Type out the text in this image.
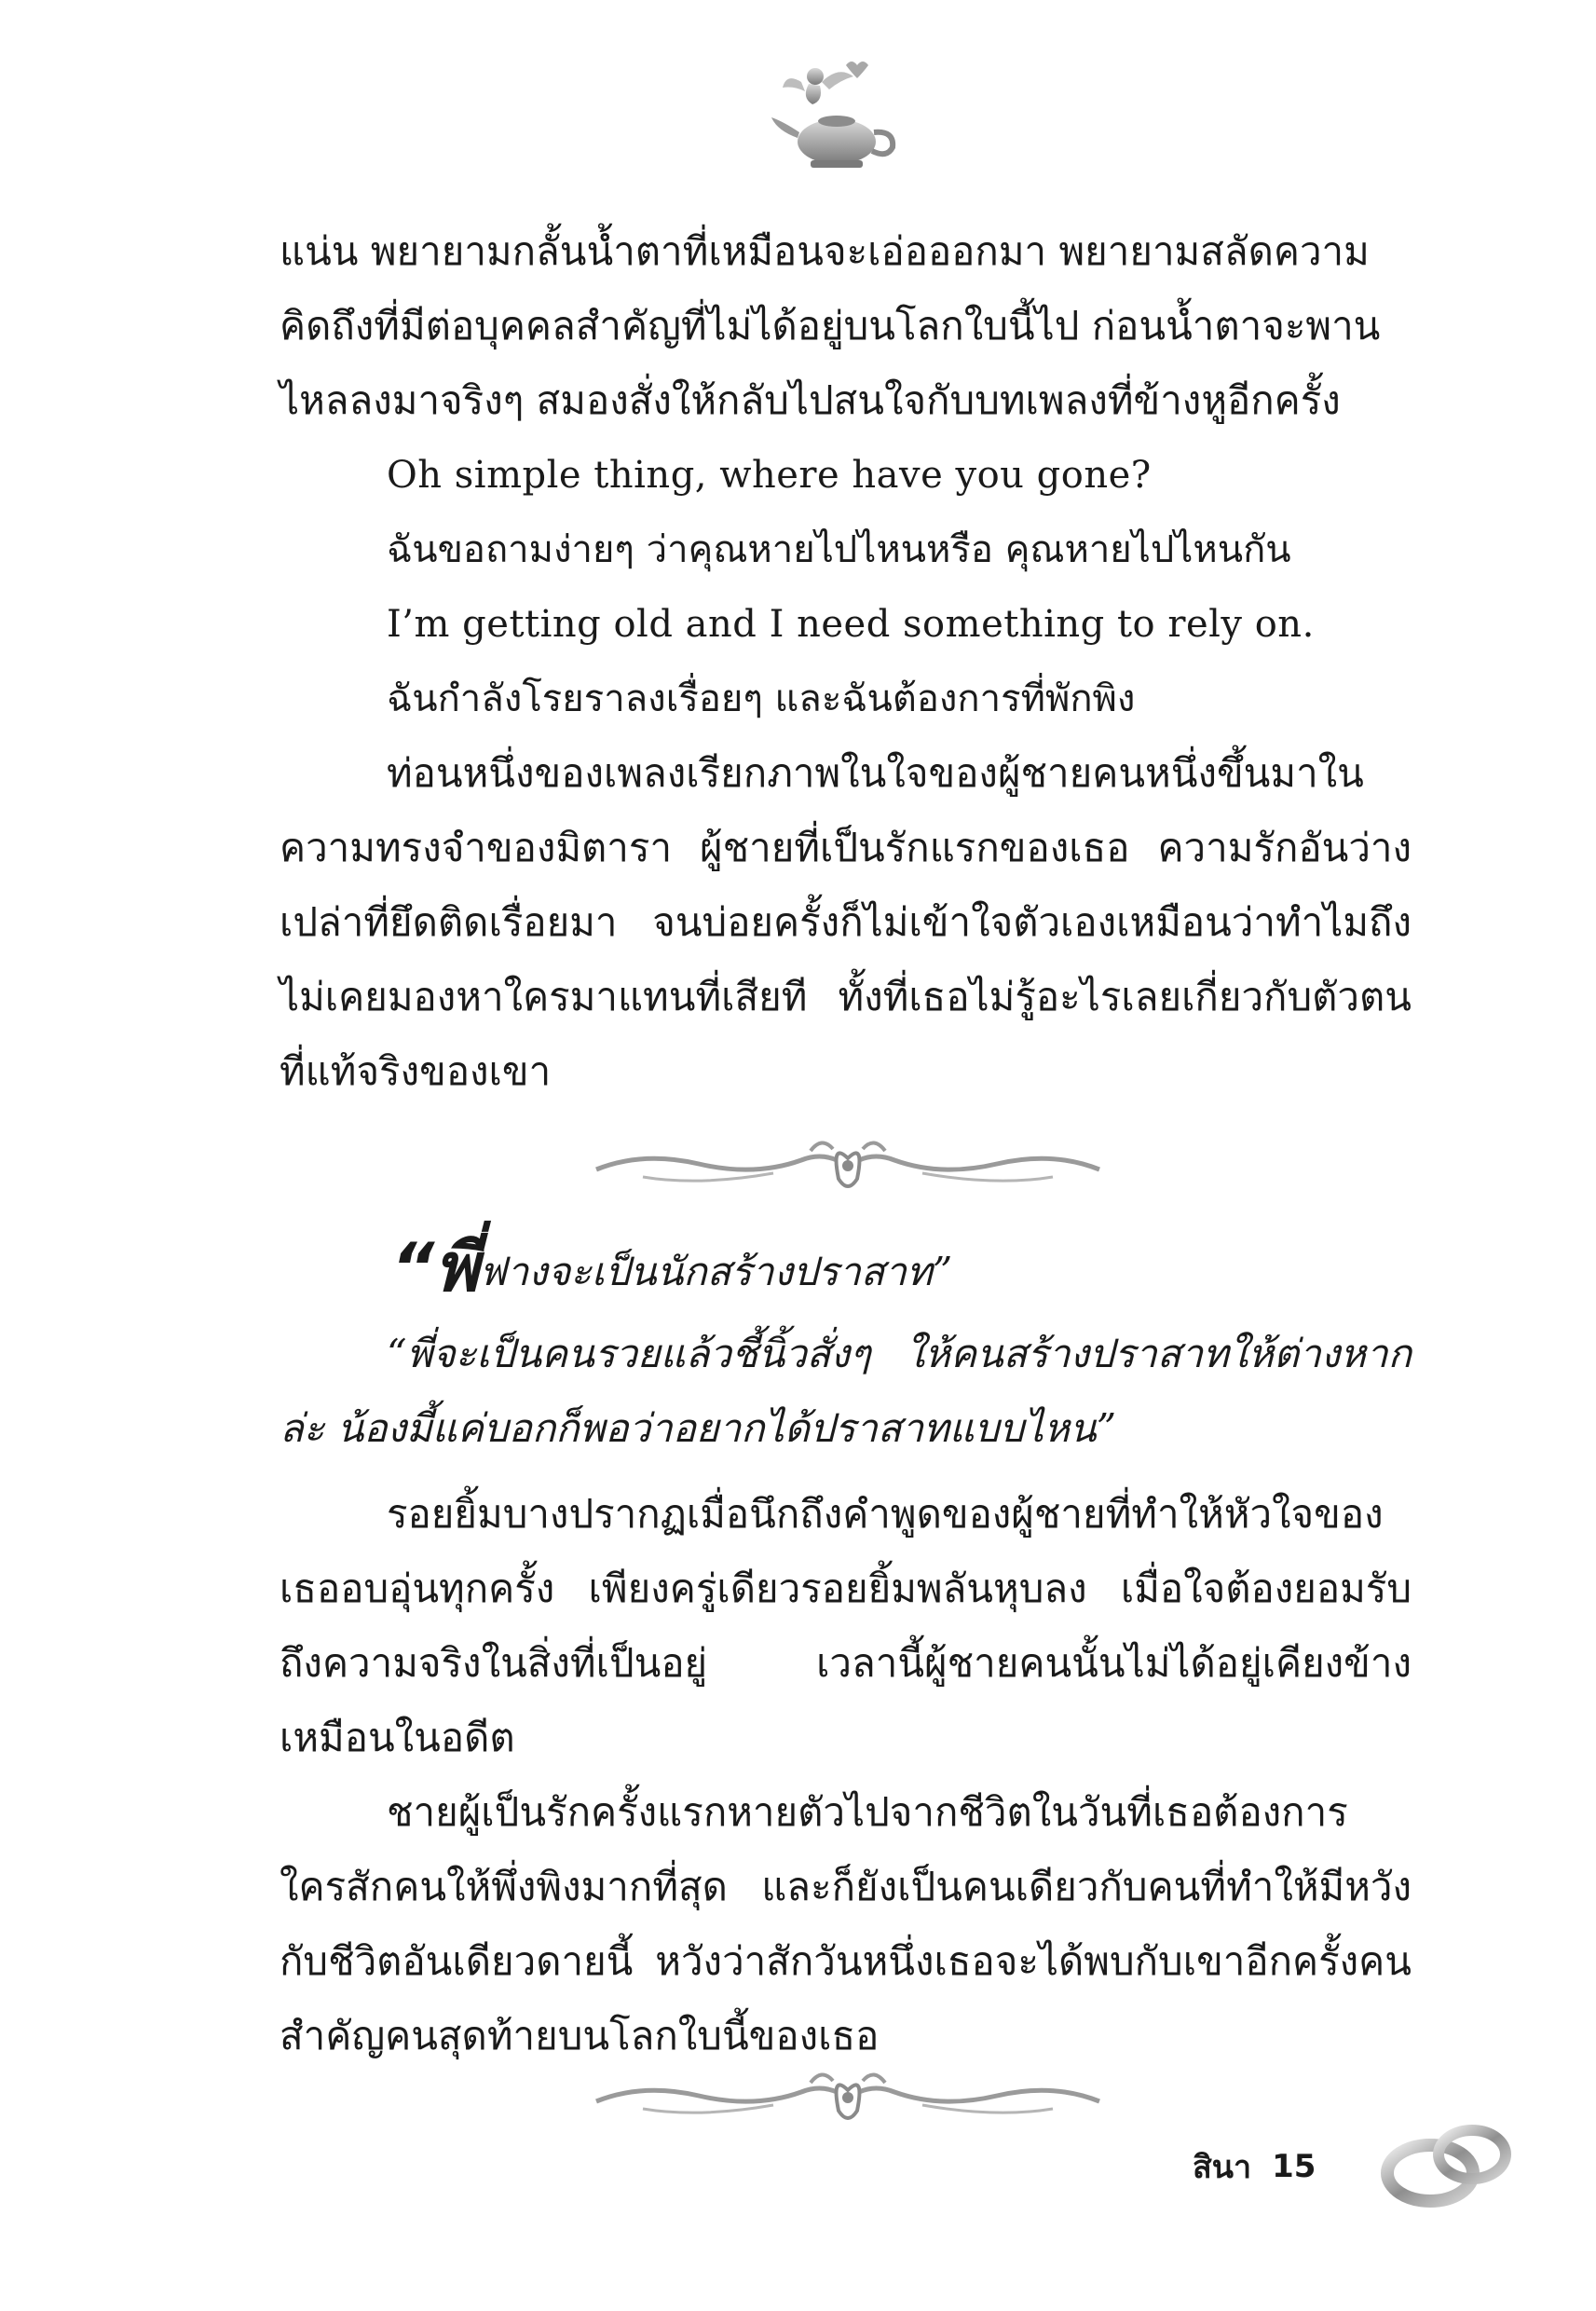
แน่น พยายามกลั้นน้ำตาที่เหมือนจะเอ่อออกมา พยายามสลัดความ

คิดถึงที่มีต่อบุคคลสำคัญที่ไม่ได้อยู่บนโลกใบนี้ไป ก่อนน้ำตาจะพาน

ไหลลงมาจริงๆ สมองสั่งให้กลับไปสนใจกับบทเพลงที่ข้างหูอีกครั้ง

Oh simple thing, where have you gone?

ฉันขอถามง่ายๆ ว่าคุณหายไปไหนหรือ คุณหายไปไหนกัน

I’m getting old and I need something to rely on.

ฉันกำลังโรยราลงเรื่อยๆ และฉันต้องการที่พักพิง

ท่อนหนึ่งของเพลงเรียกภาพในใจของผู้ชายคนหนึ่งขึ้นมาในความทรงจำของมิตารา ผู้ชายที่เป็นรักแรกของเธอ ความรักอันว่างเปล่าที่ยึดติดเรื่อยมา จนบ่อยครั้งก็ไม่เข้าใจตัวเองเหมือนว่าทำไมถึงไม่เคยมองหาใครมาแทนที่เสียที ทั้งที่เธอไม่รู้อะไรเลยเกี่ยวกับตัวตนที่แท้จริงของเขา

“พี่ฟางจะเป็นนักสร้างปราสาท”

“พี่จะเป็นคนรวยแล้วชี้นิ้วสั่งๆ ให้คนสร้างปราสาทให้ต่างหากล่ะ น้องมี้แค่บอกก็พอว่าอยากได้ปราสาทแบบไหน”

รอยยิ้มบางปรากฏเมื่อนึกถึงคำพูดของผู้ชายที่ทำให้หัวใจของเธออบอุ่นทุกครั้ง เพียงครู่เดียวรอยยิ้มพลันหุบลง เมื่อใจต้องยอมรับถึงความจริงในสิ่งที่เป็นอยู่ เวลานี้ผู้ชายคนนั้นไม่ได้อยู่เคียงข้างเหมือนในอดีต

ชายผู้เป็นรักครั้งแรกหายตัวไปจากชีวิตในวันที่เธอต้องการใครสักคนให้พึ่งพิงมากที่สุด และก็ยังเป็นคนเดียวกับคนที่ทำให้มีหวังกับชีวิตอันเดียวดายนี้ หวังว่าสักวันหนึ่งเธอจะได้พบกับเขาอีกครั้งคนสำคัญคนสุดท้ายบนโลกใบนี้ของเธอ

สินา 15
